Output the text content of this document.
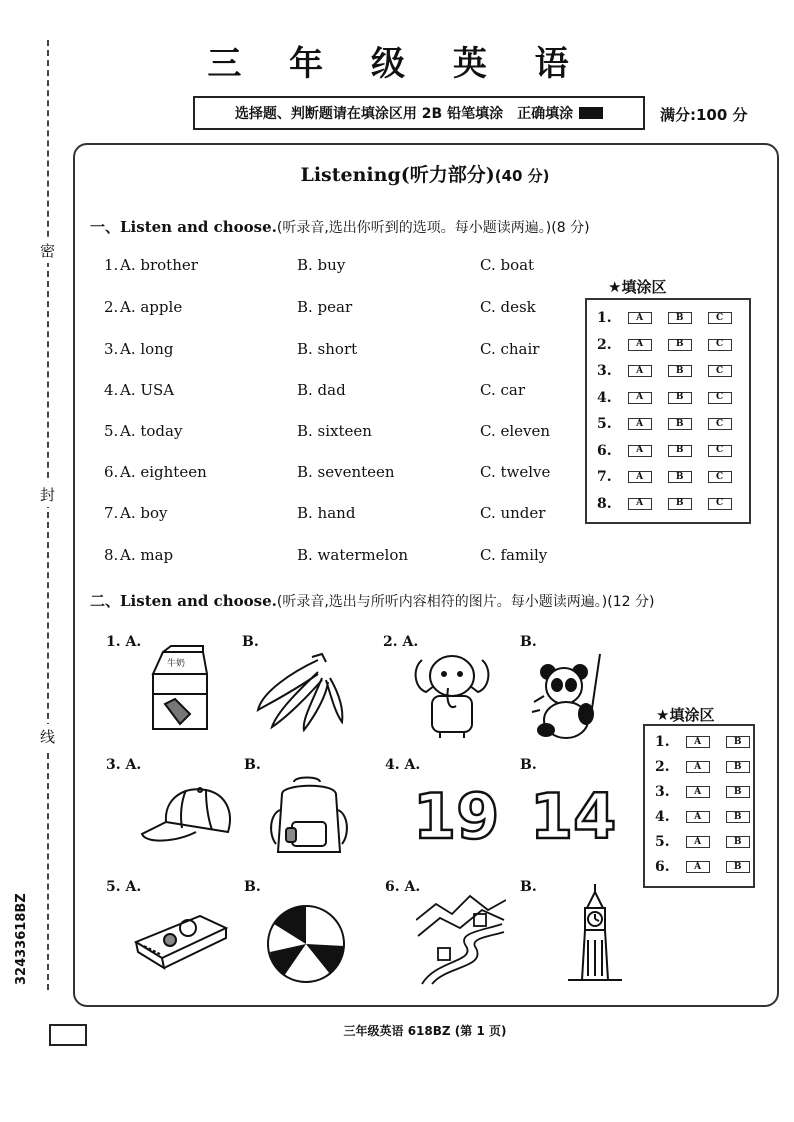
密
封
线
3243361​8BZ
三 年 级 英 语
选择题、判断题请在填涂区用 2B 铅笔填涂　正确填涂	满分:100 分
Listening(听力部分)(40 分)
一、Listen and choose.(听录音,选出你听到的选项。每小题读两遍。)(8 分)
1. A. brother	B. buy	C. boat
2. A. apple	B. pear	C. desk
3. A. long	B. short	C. chair
4. A. USA	B. dad	C. car
5. A. today	B. sixteen	C. eleven
6. A. eighteen	B. seventeen	C. twelve
7. A. boy	B. hand	C. under
8. A. map	B. watermelon	C. family
★填涂区
1.	A	B	C
2.	A	B	C
3.	A	B	C
4.	A	B	C
5.	A	B	C
6.	A	B	C
7.	A	B	C
8.	A	B	C
二、Listen and choose.(听录音,选出与所听内容相符的图片。每小题读两遍。)(12 分)
1. A.	B.	2. A.	B.
3. A.	B.	4. A.	B.
5. A.	B.	6. A.	B.
牛奶
19 14
★填涂区
1.	A	B
2.	A	B
3.	A	B
4.	A	B
5.	A	B
6.	A	B
三年级英语 618BZ (第 1 页)
